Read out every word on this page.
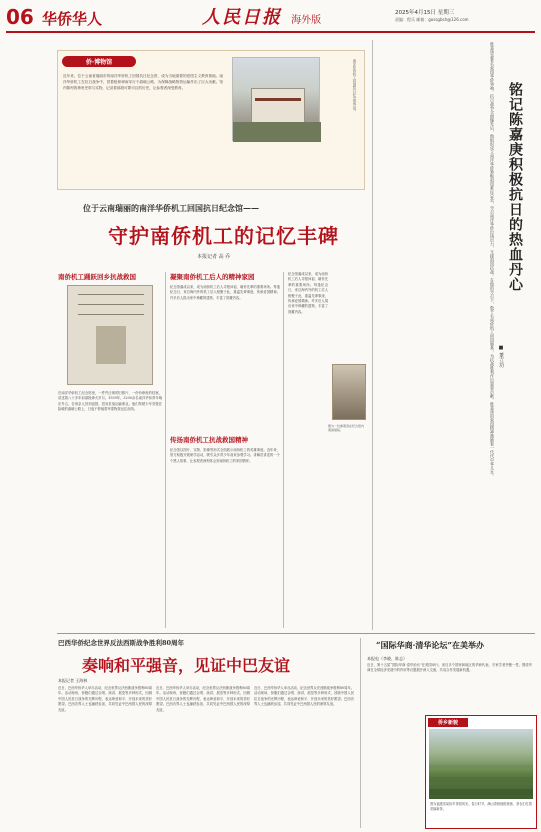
06 华侨华人	人民日报 海外版
2025年4月15日 星期三
责编：程乐 邮箱：gossgbsh@126.com
侨·博物馆

近年来，位于云南省瑞丽市的南洋华侨机工回国抗日纪念馆，成为当地重要的爱国主义教育基地。南洋华侨机工在抗日战争中，冒着枪林弹雨穿行于滇缅公路，为保障战略物资运输作出了巨大贡献。馆内陈列的珍贵史料与实物，记录着那段可歌可泣的历史，让参观者深受教育。	南洋华侨机工回国抗日纪念馆外景。

位于云南瑞丽的南洋华侨机工回国抗日纪念馆——

守护南侨机工的记忆丰碑

本报记者 高 乔

南侨机工踊跃回乡抗战救国

在南洋华侨机工纪念馆里，一件件泛黄的旧照片、一份份珍贵的档案，讲述着八十多年前那段烽火岁月。1939年，3200余名南洋华侨青年响应号召，告别亲人回到祖国，投身抗战运输事业。他们驾驶卡车穿梭在险峻的滇缅公路上，日夜不停地将军需物资运往前线。

凝聚南侨机工后人的精神家园

纪念馆落成以来，成为南侨机工后人寻根问祖、缅怀先辈的重要场所。每逢纪念日，来自海内外的机工后人相聚于此，重温先辈事迹，传承爱国精神。许多后人捐出家中珍藏的遗物，丰富了馆藏内容。

传扬南侨机工抗战救国精神

纪念馆以图片、实物、影像等形式全面展示南侨机工的英雄事迹。近年来，馆方积极开展研学活动，吸引众多青少年前来参观学习。讲解员讲述的一个个感人故事，让参观者深刻体会到南侨机工的家国情怀。

图为一位参观者在纪念馆内观看展板。

纪念馆落成以来，成为南侨机工后人寻根问祖、缅怀先辈的重要场所。每逢纪念日，来自海内外的机工后人相聚于此，重温先辈事迹，传承爱国精神。许多后人捐出家中珍藏的遗物，丰富了馆藏内容。	陈嘉庚是著名爱国华侨领袖。抗日战争全面爆发后，他组织成立南洋华侨筹赈祖国难民总会，号召南洋华侨出钱出力，支援祖国抗战。在他的号召下，数千名南侨机工回国服务，为抗战胜利作出重要贡献。陈嘉庚的爱国精神激励着一代代中华儿女。 铭记陈嘉庚积极抗日的热血丹心

■ 董立功

巴西华侨纪念世界反法西斯战争胜利80周年

奏响和平强音，见证中巴友谊

本报记者 王海林

近日，巴西华侨华人举办活动，纪念世界反法西斯战争胜利80周年。活动现场，侨胞们通过合唱、演讲、展览等多种形式，回顾中国人民抗日战争的光辉历程，表达珍爱和平、开创未来的美好愿望。巴西各界人士也踊跃参加，共同见证中巴两国人民的深厚友谊。

近日，巴西华侨华人举办活动，纪念世界反法西斯战争胜利80周年。活动现场，侨胞们通过合唱、演讲、展览等多种形式，回顾中国人民抗日战争的光辉历程，表达珍爱和平、开创未来的美好愿望。巴西各界人士也踊跃参加，共同见证中巴两国人民的深厚友谊。

近日，巴西华侨华人举办活动，纪念世界反法西斯战争胜利80周年。活动现场，侨胞们通过合唱、演讲、展览等多种形式，回顾中国人民抗日战争的光辉历程，表达珍爱和平、开创未来的美好愿望。巴西各界人士也踊跃参加，共同见证中巴两国人民的深厚友谊。

“国际华商·清华论坛”在美举办

本报电（李晓、陈志）

近日，第十五届“国际华商·清华论坛”在美国举行。来自多个国家和地区的华商代表、专家学者齐聚一堂，围绕华商在全球经济发展中的作用等议题展开深入交流，共话合作发展新机遇。

侨乡新貌

图为福建省某侨乡茶园风光。春日时节，满山茶树郁郁葱葱，茶农们忙着采摘新茶。
